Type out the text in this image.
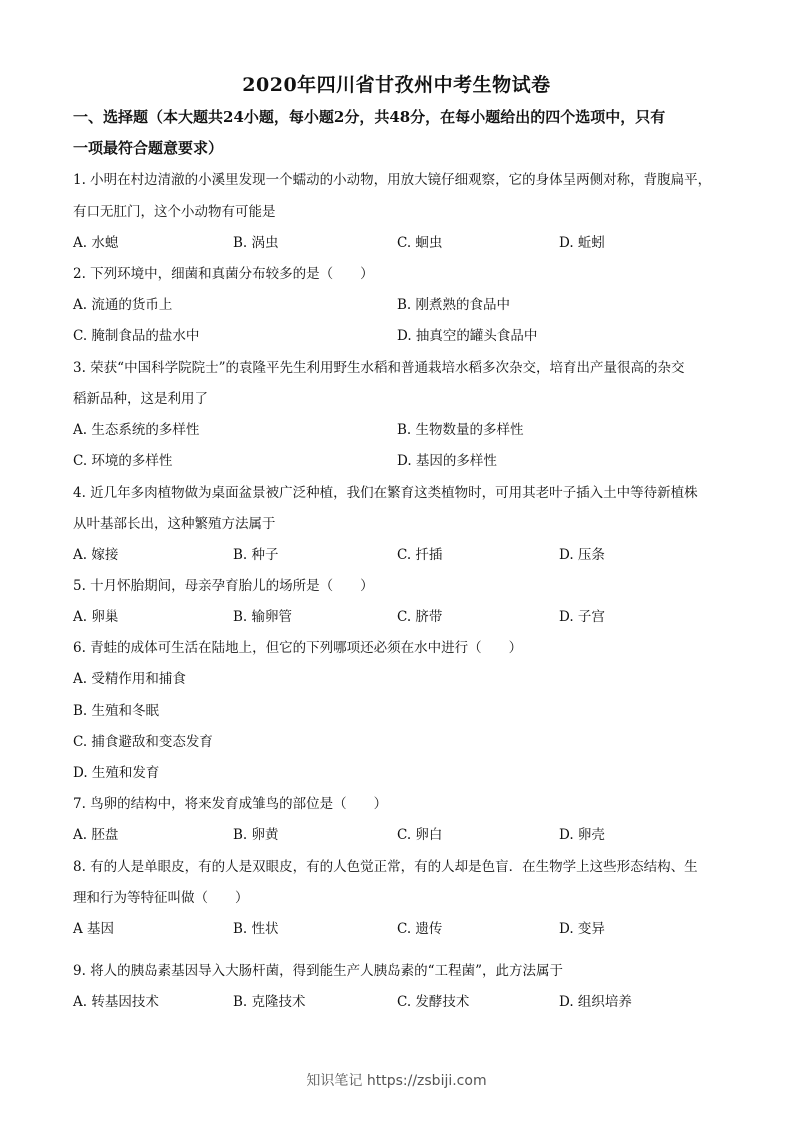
2020年四川省甘孜州中考生物试卷
一、选择题（本大题共24小题，每小题2分，共48分，在每小题给出的四个选项中，只有
一项最符合题意要求）
1. 小明在村边清澈的小溪里发现一个蠕动的小动物，用放大镜仔细观察，它的身体呈两侧对称，背腹扁平，
有口无肛门，这个小动物有可能是
A. 水螅	B. 涡虫	C. 蛔虫	D. 蚯蚓
2. 下列环境中，细菌和真菌分布较多的是（　　）
A. 流通的货币上	B. 刚煮熟的食品中
C. 腌制食品的盐水中	D. 抽真空的罐头食品中
3. 荣获“中国科学院院士”的袁隆平先生利用野生水稻和普通栽培水稻多次杂交，培育出产量很高的杂交
稻新品种，这是利用了
A. 生态系统的多样性	B. 生物数量的多样性
C. 环境的多样性	D. 基因的多样性
4. 近几年多肉植物做为桌面盆景被广泛种植，我们在繁育这类植物时，可用其老叶子插入土中等待新植株
从叶基部长出，这种繁殖方法属于
A. 嫁接	B. 种子	C. 扦插	D. 压条
5. 十月怀胎期间，母亲孕育胎儿的场所是（　　）
A. 卵巢	B. 输卵管	C. 脐带	D. 子宫
6. 青蛙的成体可生活在陆地上，但它的下列哪项还必须在水中进行（　　）
A. 受精作用和捕食
B. 生殖和冬眠
C. 捕食避敌和变态发育
D. 生殖和发育
7. 鸟卵的结构中，将来发育成雏鸟的部位是（　　）
A. 胚盘	B. 卵黄	C. 卵白	D. 卵壳
8. 有的人是单眼皮，有的人是双眼皮，有的人色觉正常，有的人却是色盲．在生物学上这些形态结构、生
理和行为等特征叫做（　　）
A 基因	B. 性状	C. 遗传	D. 变异
9. 将人的胰岛素基因导入大肠杆菌，得到能生产人胰岛素的“工程菌”，此方法属于
A. 转基因技术	B. 克隆技术	C. 发酵技术	D. 组织培养
知识笔记 https://zsbiji.com
